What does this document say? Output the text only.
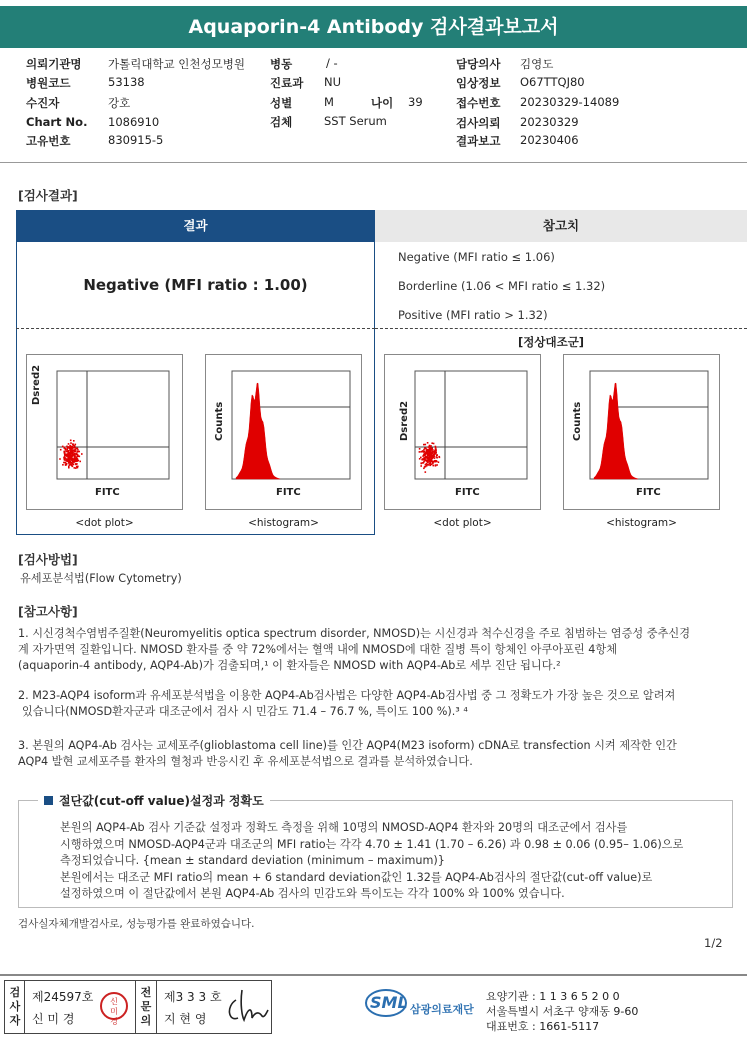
Aquaporin-4 Antibody 검사결과보고서
의뢰기관명 가톨릭대학교 인천성모병원
병원코드	53138
수진자	강호
Chart No. 1086910
고유번호	830915-5
병동	/ -
진료과 NU
성별	M	나이 39
검체	SST Serum
담당의사 김영도
임상정보 O67TTQJ80
접수번호 20230329-14089
검사의뢰 20230329
결과보고 20230406
[검사결과]
결과	참고치
Negative (MFI ratio : 1.00)
Negative (MFI ratio ≤ 1.06)
Borderline (1.06 < MFI ratio ≤ 1.32)
Positive (MFI ratio > 1.32)
[정상대조군]
Dsred2
FITC
Counts
FITC
Dsred2
FITC
Counts
FITC
<dot plot>	<histogram>	<dot plot>	<histogram>
[검사방법]
유세포분석법(Flow Cytometry)
[참고사항]
1. 시신경척수염범주질환(Neuromyelitis optica spectrum disorder, NMOSD)는 시신경과 척수신경을 주로 침범하는 염증성 중추신경
계 자가면역 질환입니다. NMOSD 환자를 중 약 72%에서는 혈액 내에 NMOSD에 대한 질병 특이 항체인 아쿠아포린 4항체
(aquaporin-4 antibody, AQP4-Ab)가 검출되며,¹ 이 환자들은 NMOSD with AQP4-Ab로 세부 진단 됩니다.²
2. M23-AQP4 isoform과 유세포분석법을 이용한 AQP4-Ab검사법은 다양한 AQP4-Ab검사법 중 그 정확도가 가장 높은 것으로 알려져
있습니다(NMOSD환자군과 대조군에서 검사 시 민감도 71.4 – 76.7 %, 특이도 100 %).³ ⁴
3. 본원의 AQP4-Ab 검사는 교세포주(glioblastoma cell line)를 인간 AQP4(M23 isoform) cDNA로 transfection 시켜 제작한 인간
AQP4 발현 교세포주를 환자의 혈청과 반응시킨 후 유세포분석법으로 결과를 분석하였습니다.
절단값(cut-off value)설정과 정확도
본원의 AQP4-Ab 검사 기준값 설정과 정확도 측정을 위해 10명의 NMOSD-AQP4 환자와 20명의 대조군에서 검사를
시행하였으며 NMOSD-AQP4군과 대조군의 MFI ratio는 각각 4.70 ± 1.41 (1.70 – 6.26) 과 0.98 ± 0.06 (0.95– 1.06)으로
측정되었습니다. {mean ± standard deviation (minimum – maximum)}
본원에서는 대조군 MFI ratio의 mean + 6 standard deviation값인 1.32를 AQP4-Ab검사의 절단값(cut-off value)로
설정하였으며 이 절단값에서 본원 AQP4-Ab 검사의 민감도와 특이도는 각각 100% 와 100% 였습니다.
검사실자체개발검사로, 성능평가를 완료하였습니다.
1/2
검사자
제24597호
신 미 경
신미경
전문의
제3 3 3 호
지 현 영
SML 삼광의료재단
요양기관 : 1 1 3 6 5 2 0 0
서울특별시 서초구 양재동 9-60
대표번호 : 1661-5117
